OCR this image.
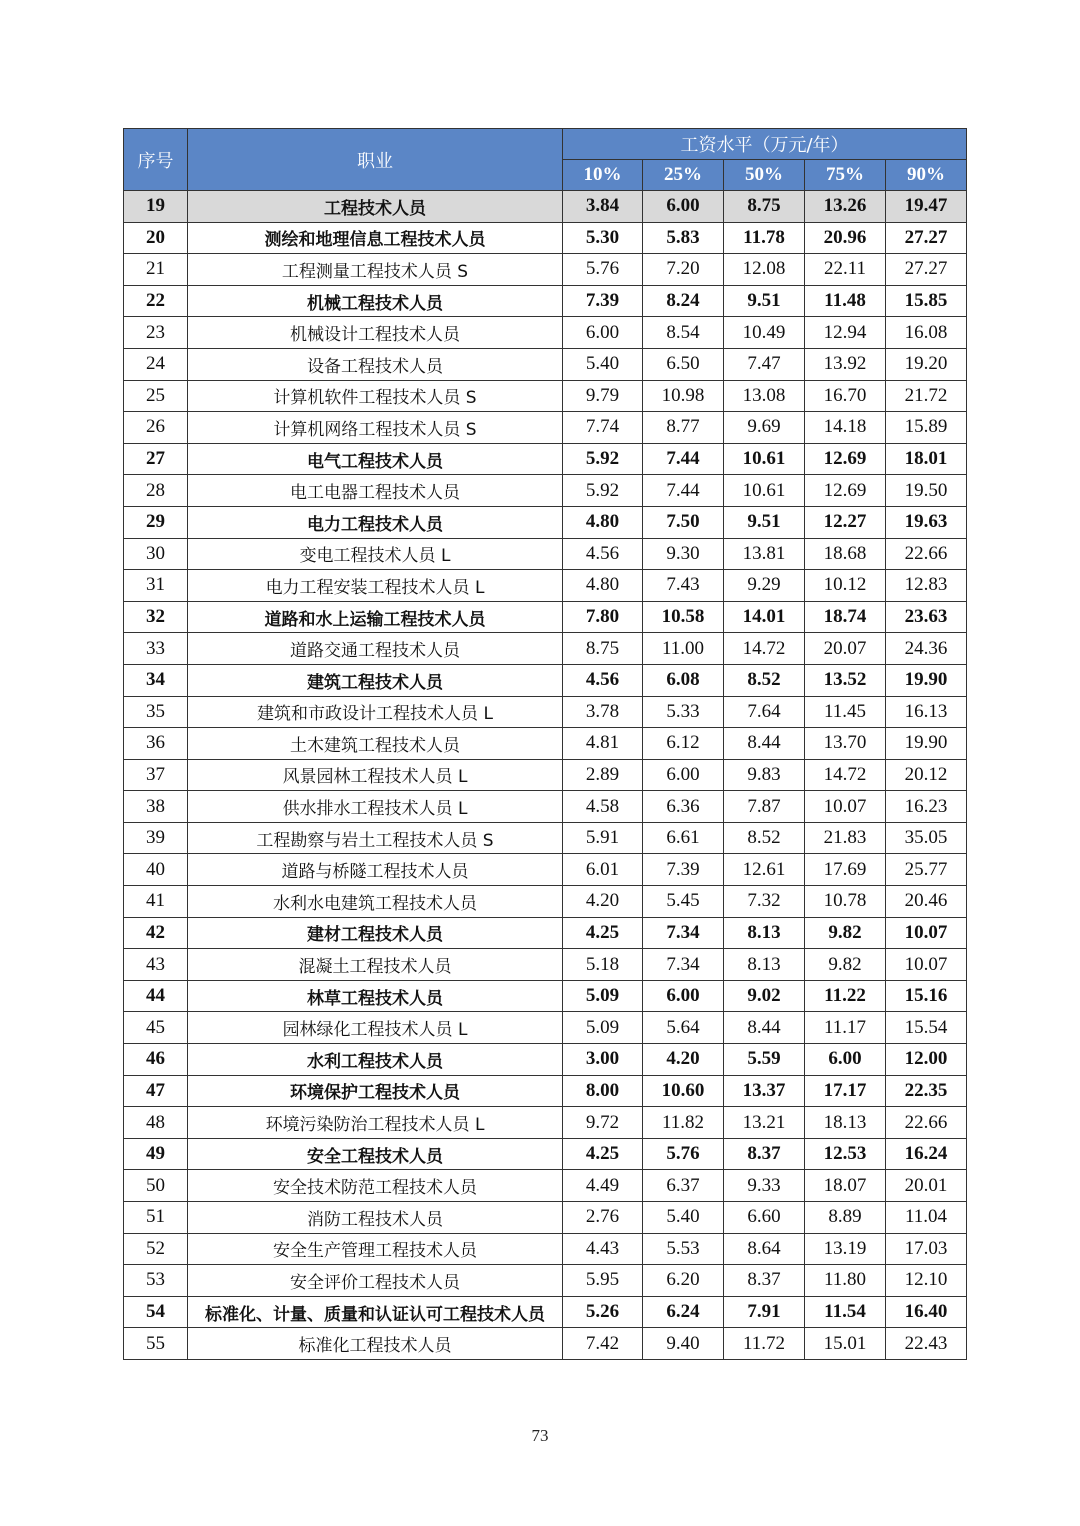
序号	职业	工资水平（万元/年）				
		10%	25%	50%	75%	90%
19	工程技术人员	3.84	6.00	8.75	13.26	19.47
20	测绘和地理信息工程技术人员	5.30	5.83	11.78	20.96	27.27
21	工程测量工程技术人员 S	5.76	7.20	12.08	22.11	27.27
22	机械工程技术人员	7.39	8.24	9.51	11.48	15.85
23	机械设计工程技术人员	6.00	8.54	10.49	12.94	16.08
24	设备工程技术人员	5.40	6.50	7.47	13.92	19.20
25	计算机软件工程技术人员 S	9.79	10.98	13.08	16.70	21.72
26	计算机网络工程技术人员 S	7.74	8.77	9.69	14.18	15.89
27	电气工程技术人员	5.92	7.44	10.61	12.69	18.01
28	电工电器工程技术人员	5.92	7.44	10.61	12.69	19.50
29	电力工程技术人员	4.80	7.50	9.51	12.27	19.63
30	变电工程技术人员 L	4.56	9.30	13.81	18.68	22.66
31	电力工程安装工程技术人员 L	4.80	7.43	9.29	10.12	12.83
32	道路和水上运输工程技术人员	7.80	10.58	14.01	18.74	23.63
33	道路交通工程技术人员	8.75	11.00	14.72	20.07	24.36
34	建筑工程技术人员	4.56	6.08	8.52	13.52	19.90
35	建筑和市政设计工程技术人员 L	3.78	5.33	7.64	11.45	16.13
36	土木建筑工程技术人员	4.81	6.12	8.44	13.70	19.90
37	风景园林工程技术人员 L	2.89	6.00	9.83	14.72	20.12
38	供水排水工程技术人员 L	4.58	6.36	7.87	10.07	16.23
39	工程勘察与岩土工程技术人员 S	5.91	6.61	8.52	21.83	35.05
40	道路与桥隧工程技术人员	6.01	7.39	12.61	17.69	25.77
41	水利水电建筑工程技术人员	4.20	5.45	7.32	10.78	20.46
42	建材工程技术人员	4.25	7.34	8.13	9.82	10.07
43	混凝土工程技术人员	5.18	7.34	8.13	9.82	10.07
44	林草工程技术人员	5.09	6.00	9.02	11.22	15.16
45	园林绿化工程技术人员 L	5.09	5.64	8.44	11.17	15.54
46	水利工程技术人员	3.00	4.20	5.59	6.00	12.00
47	环境保护工程技术人员	8.00	10.60	13.37	17.17	22.35
48	环境污染防治工程技术人员 L	9.72	11.82	13.21	18.13	22.66
49	安全工程技术人员	4.25	5.76	8.37	12.53	16.24
50	安全技术防范工程技术人员	4.49	6.37	9.33	18.07	20.01
51	消防工程技术人员	2.76	5.40	6.60	8.89	11.04
52	安全生产管理工程技术人员	4.43	5.53	8.64	13.19	17.03
53	安全评价工程技术人员	5.95	6.20	8.37	11.80	12.10
54	标准化、计量、质量和认证认可工程技术人员	5.26	6.24	7.91	11.54	16.40
55	标准化工程技术人员	7.42	9.40	11.72	15.01	22.43
73
